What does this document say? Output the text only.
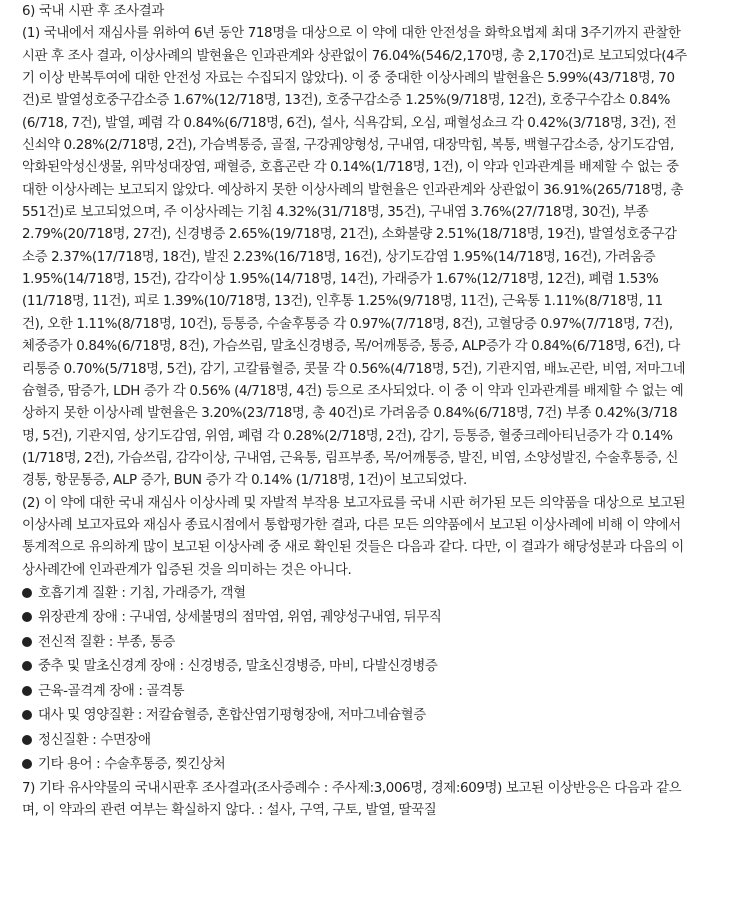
6) 국내 시판 후 조사결과

(1) 국내에서 재심사를 위하여 6년 동안 718명을 대상으로 이 약에 대한 안전성을 화학요법제 최대 3주기까지 관찰한
시판 후 조사 결과, 이상사례의 발현율은 인과관계와 상관없이 76.04%(546/2,170명, 총 2,170건)로 보고되었다(4주
기 이상 반복투여에 대한 안전성 자료는 수집되지 않았다). 이 중 중대한 이상사례의 발현율은 5.99%(43/718명, 70
건)로 발열성호중구감소증 1.67%(12/718명, 13건), 호중구감소증 1.25%(9/718명, 12건), 호중구수감소 0.84%
(6/718, 7건), 발열, 폐렴 각 0.84%(6/718명, 6건), 설사, 식욕감퇴, 오심, 패혈성쇼크 각 0.42%(3/718명, 3건), 전
신쇠약 0.28%(2/718명, 2건), 가슴벽통증, 골절, 구강궤양형성, 구내염, 대장막힘, 복통, 백혈구감소증, 상기도감염,
악화된악성신생물, 위막성대장염, 패혈증, 호흡곤란 각 0.14%(1/718명, 1건), 이 약과 인과관계를 배제할 수 없는 중
대한 이상사례는 보고되지 않았다. 예상하지 못한 이상사례의 발현율은 인과관계와 상관없이 36.91%(265/718명, 총
551건)로 보고되었으며, 주 이상사례는 기침 4.32%(31/718명, 35건), 구내염 3.76%(27/718명, 30건), 부종
2.79%(20/718명, 27건), 신경병증 2.65%(19/718명, 21건), 소화불량 2.51%(18/718명, 19건), 발열성호중구감
소증 2.37%(17/718명, 18건), 발진 2.23%(16/718명, 16건), 상기도감염 1.95%(14/718명, 16건), 가려움증
1.95%(14/718명, 15건), 감각이상 1.95%(14/718명, 14건), 가래증가 1.67%(12/718명, 12건), 폐렴 1.53%
(11/718명, 11건), 피로 1.39%(10/718명, 13건), 인후통 1.25%(9/718명, 11건), 근육통 1.11%(8/718명, 11
건), 오한 1.11%(8/718명, 10건), 등통증, 수술후통증 각 0.97%(7/718명, 8건), 고혈당증 0.97%(7/718명, 7건),
체중증가 0.84%(6/718명, 8건), 가슴쓰림, 말초신경병증, 목/어깨통증, 통증, ALP증가 각 0.84%(6/718명, 6건), 다
리통증 0.70%(5/718명, 5건), 감기, 고칼륨혈증, 콧물 각 0.56%(4/718명, 5건), 기관지염, 배뇨곤란, 비염, 저마그네
슘혈증, 땀증가, LDH 증가 각 0.56% (4/718명, 4건) 등으로 조사되었다. 이 중 이 약과 인과관계를 배제할 수 없는 예
상하지 못한 이상사례 발현율은 3.20%(23/718명, 총 40건)로 가려움증 0.84%(6/718명, 7건) 부종 0.42%(3/718
명, 5건), 기관지염, 상기도감염, 위염, 폐렴 각 0.28%(2/718명, 2건), 감기, 등통증, 혈중크레아티닌증가 각 0.14%
(1/718명, 2건), 가슴쓰림, 감각이상, 구내염, 근육통, 림프부종, 목/어깨통증, 발진, 비염, 소양성발진, 수술후통증, 신
경통, 항문통증, ALP 증가, BUN 증가 각 0.14% (1/718명, 1건)이 보고되었다.

(2) 이 약에 대한 국내 재심사 이상사례 및 자발적 부작용 보고자료를 국내 시판 허가된 모든 의약품을 대상으로 보고된
이상사례 보고자료와 재심사 종료시점에서 통합평가한 결과, 다른 모든 의약품에서 보고된 이상사례에 비해 이 약에서
통계적으로 유의하게 많이 보고된 이상사례 중 새로 확인된 것들은 다음과 같다. 다만, 이 결과가 해당성분과 다음의 이
상사례간에 인과관계가 입증된 것을 의미하는 것은 아니다.

호흡기계 질환 : 기침, 가래증가, 객혈
위장관계 장애 : 구내염, 상세불명의 점막염, 위염, 궤양성구내염, 뒤무직
전신적 질환 : 부종, 통증
중추 및 말초신경계 장애 : 신경병증, 말초신경병증, 마비, 다발신경병증
근육-골격계 장애 : 골격통
대사 및 영양질환 : 저칼슘혈증, 혼합산염기평형장애, 저마그네슘혈증
정신질환 : 수면장애
기타 용어 : 수술후통증, 찢긴상처

7) 기타 유사약물의 국내시판후 조사결과(조사증례수 : 주사제:3,006명, 경제:609명) 보고된 이상반응은 다음과 같으
며, 이 약과의 관련 여부는 확실하지 않다. : 설사, 구역, 구토, 발열, 딸꾹질
